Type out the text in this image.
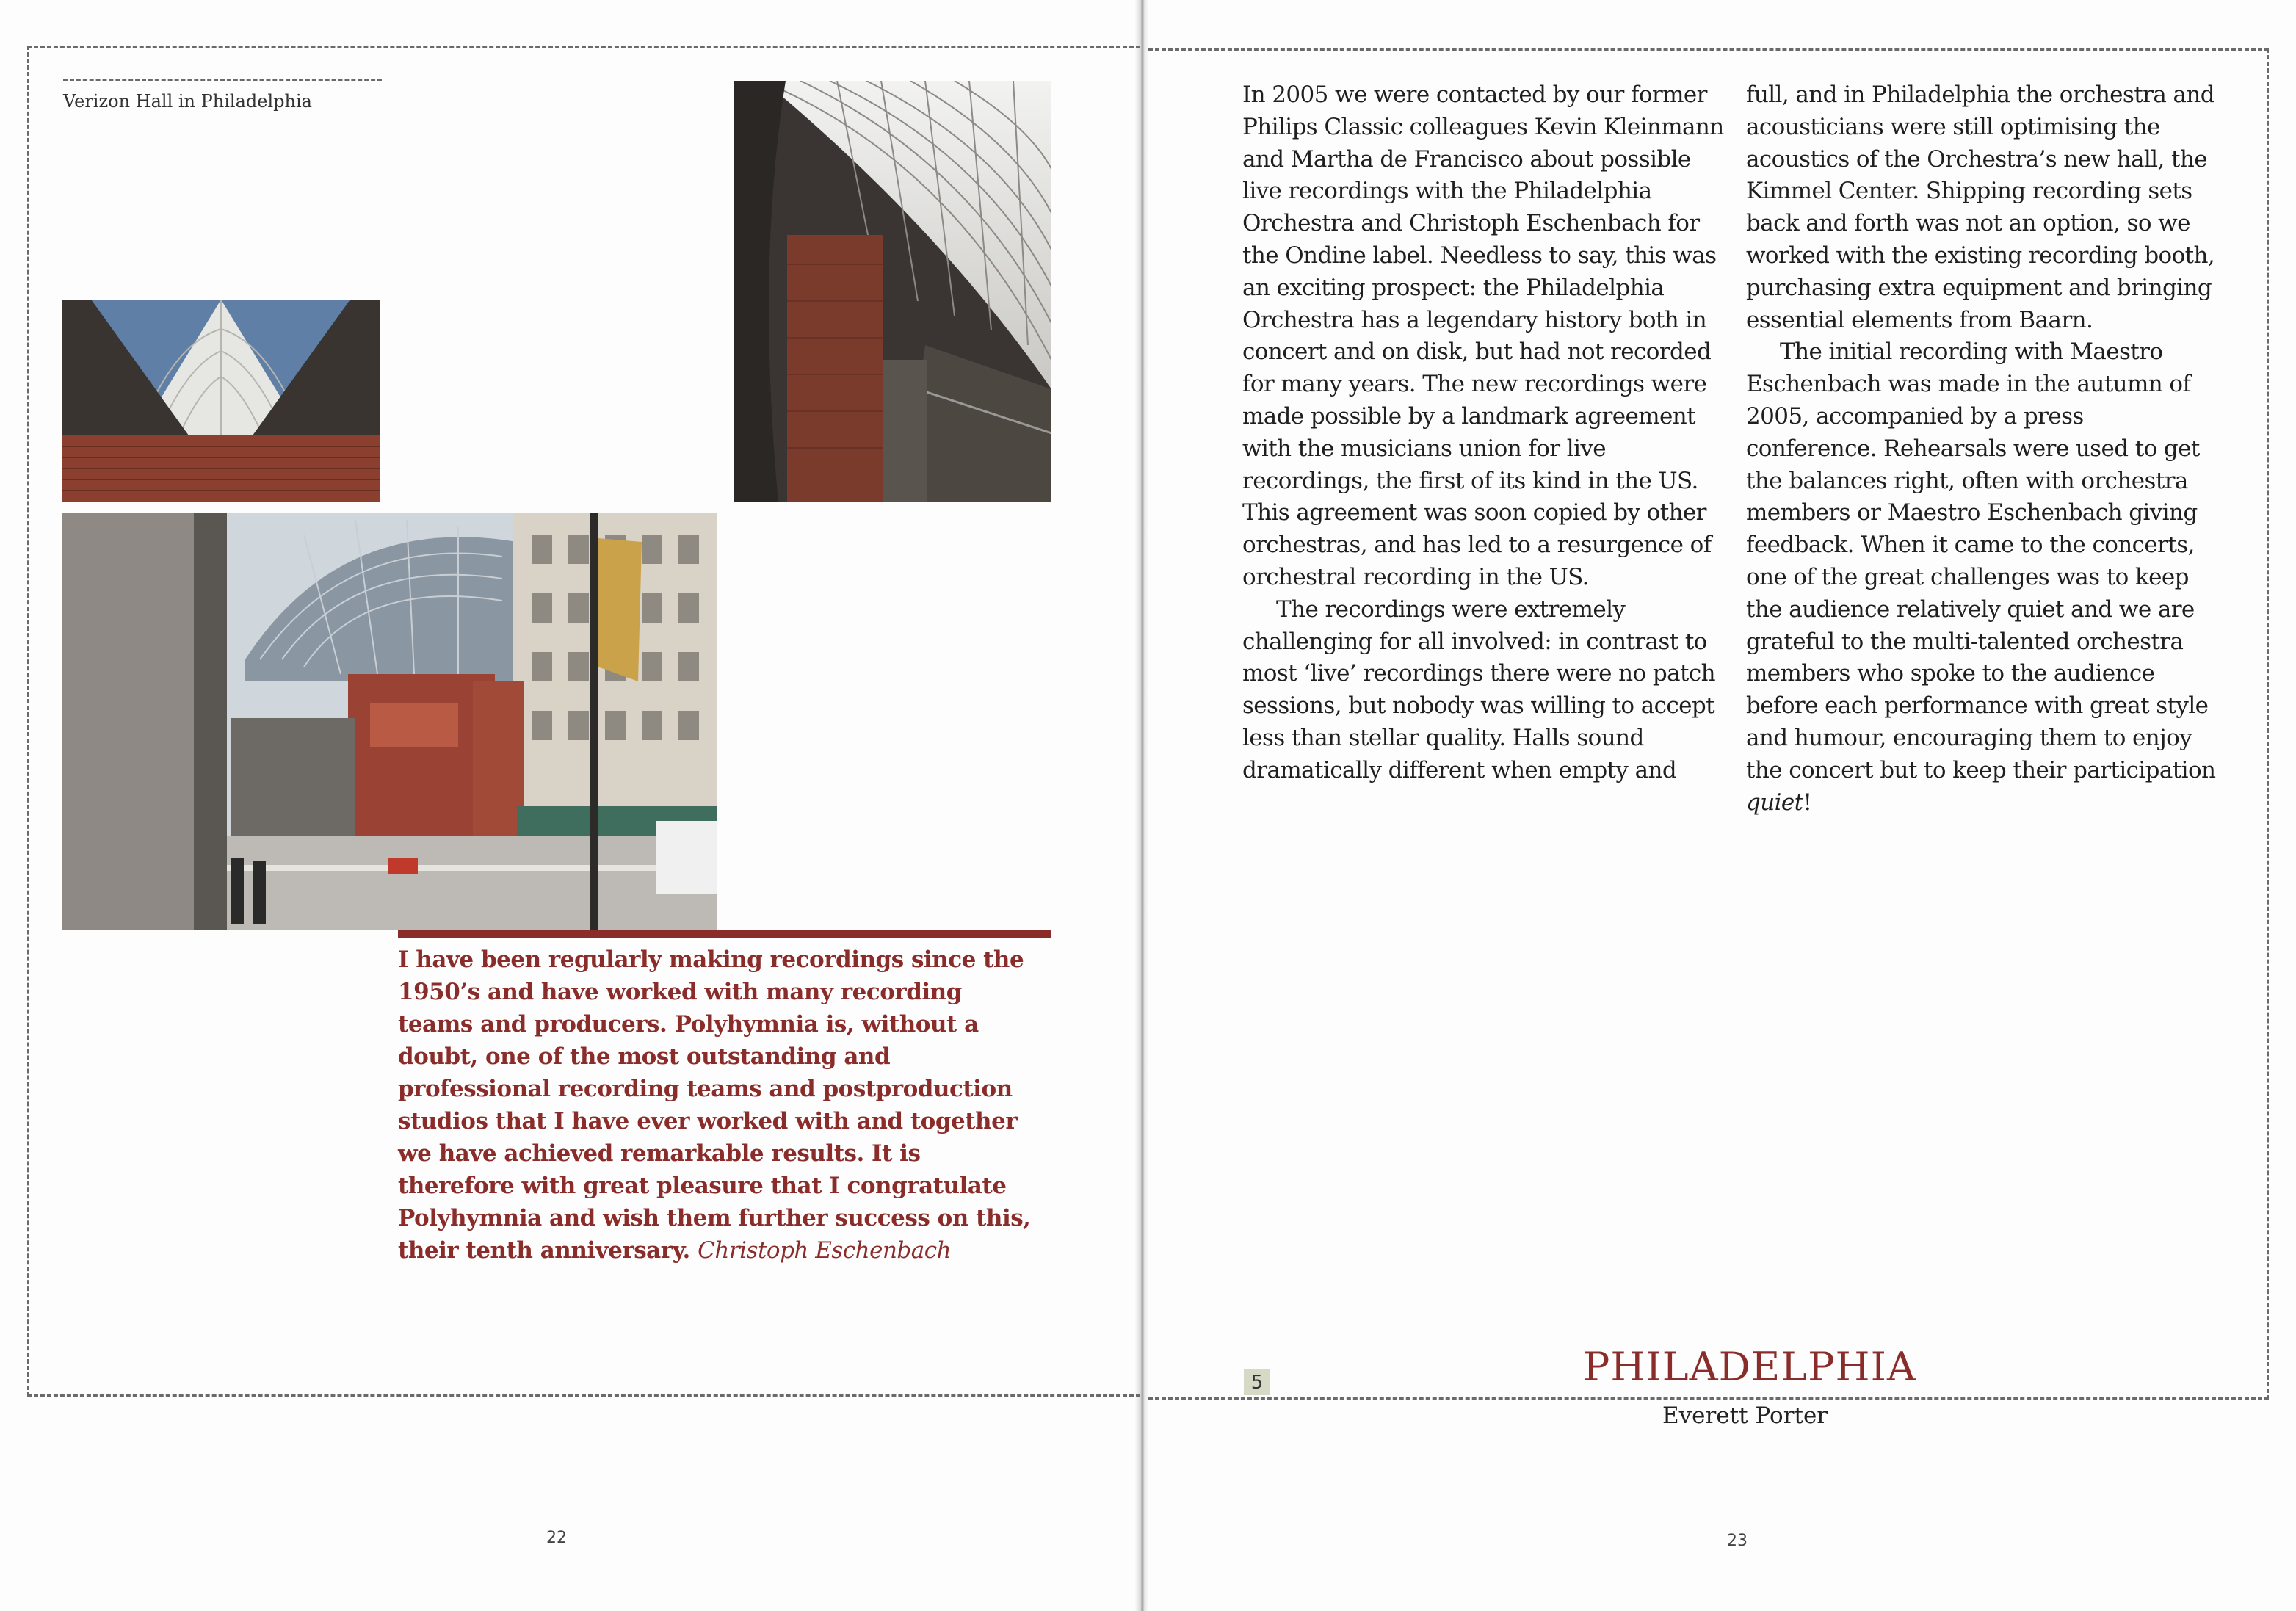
Verizon Hall in Philadelphia
I have been regularly making recordings since the 1950’s and have worked with many recording teams and producers. Polyhymnia is, without a doubt, one of the most outstanding and professional recording teams and postproduction studios that I have ever worked with and together we have achieved remarkable results. It is therefore with great pleasure that I congratulate Polyhymnia and wish them further success on this, their tenth anniversary. Christoph Eschenbach
22

In 2005 we were contacted by our former Philips Classic colleagues Kevin Kleinmann and Martha de Francisco about possible live recordings with the Philadelphia Orchestra and Christoph Eschenbach for the Ondine label. Needless to say, this was an exciting prospect: the Philadelphia Orchestra has a legendary history both in concert and on disk, but had not recorded for many years. The new recordings were made possible by a landmark agreement with the musicians union for live recordings, the first of its kind in the US. This agreement was soon copied by other orchestras, and has led to a resurgence of orchestral recording in the US.

The recordings were extremely challenging for all involved: in contrast to most ‘live’ recordings there were no patch sessions, but nobody was willing to accept less than stellar quality. Halls sound dramatically different when empty and

full, and in Philadelphia the orchestra and acousticians were still optimising the acoustics of the Orchestra’s new hall, the Kimmel Center. Shipping recording sets back and forth was not an option, so we worked with the existing recording booth, purchasing extra equipment and bringing essential elements from Baarn.

The initial recording with Maestro Eschenbach was made in the autumn of 2005, accompanied by a press conference. Rehearsals were used to get the balances right, often with orchestra members or Maestro Eschenbach giving feedback. When it came to the concerts, one of the great challenges was to keep the audience relatively quiet and we are grateful to the multi-talented orchestra members who spoke to the audience before each performance with great style and humour, encouraging them to enjoy the concert but to keep their participation quiet!

5	PHILADELPHIA
Everett Porter
23
